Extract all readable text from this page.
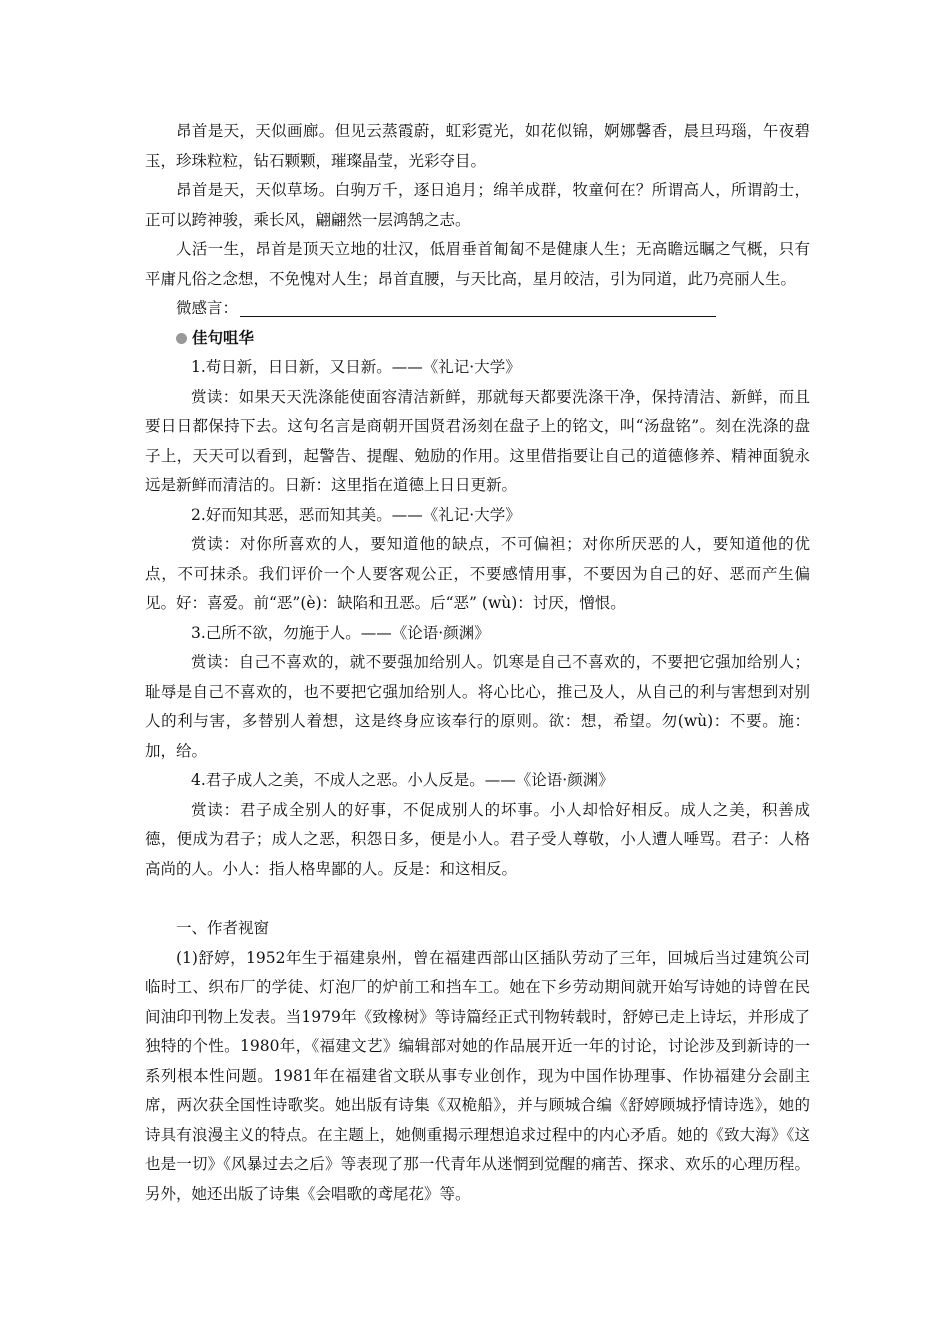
昂首是天，天似画廊。但见云蒸霞蔚，虹彩霓光，如花似锦，婀娜馨香，晨旦玛瑙，午夜碧玉，珍珠粒粒，钻石颗颗，璀璨晶莹，光彩夺目。

昂首是天，天似草场。白驹万千，逐日追月；绵羊成群，牧童何在？所谓高人，所谓韵士，正可以跨神骏，乘长风，翩翩然一层鸿鹄之志。

人活一生，昂首是顶天立地的壮汉，低眉垂首匍匐不是健康人生；无高瞻远瞩之气概，只有平庸凡俗之念想，不免愧对人生；昂首直腰，与天比高，星月皎洁，引为同道，此乃亮丽人生。

微感言：

佳句咀华

1.苟日新，日日新，又日新。——《礼记·大学》

赏读：如果天天洗涤能使面容清洁新鲜，那就每天都要洗涤干净，保持清洁、新鲜，而且要日日都保持下去。这句名言是商朝开国贤君汤刻在盘子上的铭文，叫“汤盘铭”。刻在洗涤的盘子上，天天可以看到，起警告、提醒、勉励的作用。这里借指要让自己的道德修养、精神面貌永远是新鲜而清洁的。日新：这里指在道德上日日更新。

2.好而知其恶，恶而知其美。——《礼记·大学》

赏读：对你所喜欢的人，要知道他的缺点，不可偏袒；对你所厌恶的人，要知道他的优点，不可抹杀。我们评价一个人要客观公正，不要感情用事，不要因为自己的好、恶而产生偏见。好：喜爱。前“恶”(è)：缺陷和丑恶。后“恶” (wù)：讨厌，憎恨。

3.己所不欲，勿施于人。——《论语·颜渊》

赏读：自己不喜欢的，就不要强加给别人。饥寒是自己不喜欢的，不要把它强加给别人；耻辱是自己不喜欢的，也不要把它强加给别人。将心比心，推己及人，从自己的利与害想到对别人的利与害，多替别人着想，这是终身应该奉行的原则。欲：想，希望。勿(wù)：不要。施：加，给。

4.君子成人之美，不成人之恶。小人反是。——《论语·颜渊》

赏读：君子成全别人的好事，不促成别人的坏事。小人却恰好相反。成人之美，积善成德，便成为君子；成人之恶，积怨日多，便是小人。君子受人尊敬，小人遭人唾骂。君子：人格高尚的人。小人：指人格卑鄙的人。反是：和这相反。

一、作者视窗

(1)舒婷，1952年生于福建泉州，曾在福建西部山区插队劳动了三年，回城后当过建筑公司临时工、织布厂的学徒、灯泡厂的炉前工和挡车工。她在下乡劳动期间就开始写诗她的诗曾在民间油印刊物上发表。当1979年《致橡树》等诗篇经正式刊物转载时，舒婷已走上诗坛，并形成了独特的个性。1980年，《福建文艺》编辑部对她的作品展开近一年的讨论，讨论涉及到新诗的一系列根本性问题。1981年在福建省文联从事专业创作，现为中国作协理事、作协福建分会副主席，两次获全国性诗歌奖。她出版有诗集《双桅船》，并与顾城合编《舒婷顾城抒情诗选》，她的诗具有浪漫主义的特点。在主题上，她侧重揭示理想追求过程中的内心矛盾。她的《致大海》《这也是一切》《风暴过去之后》等表现了那一代青年从迷惘到觉醒的痛苦、探求、欢乐的心理历程。另外，她还出版了诗集《会唱歌的鸢尾花》等。
